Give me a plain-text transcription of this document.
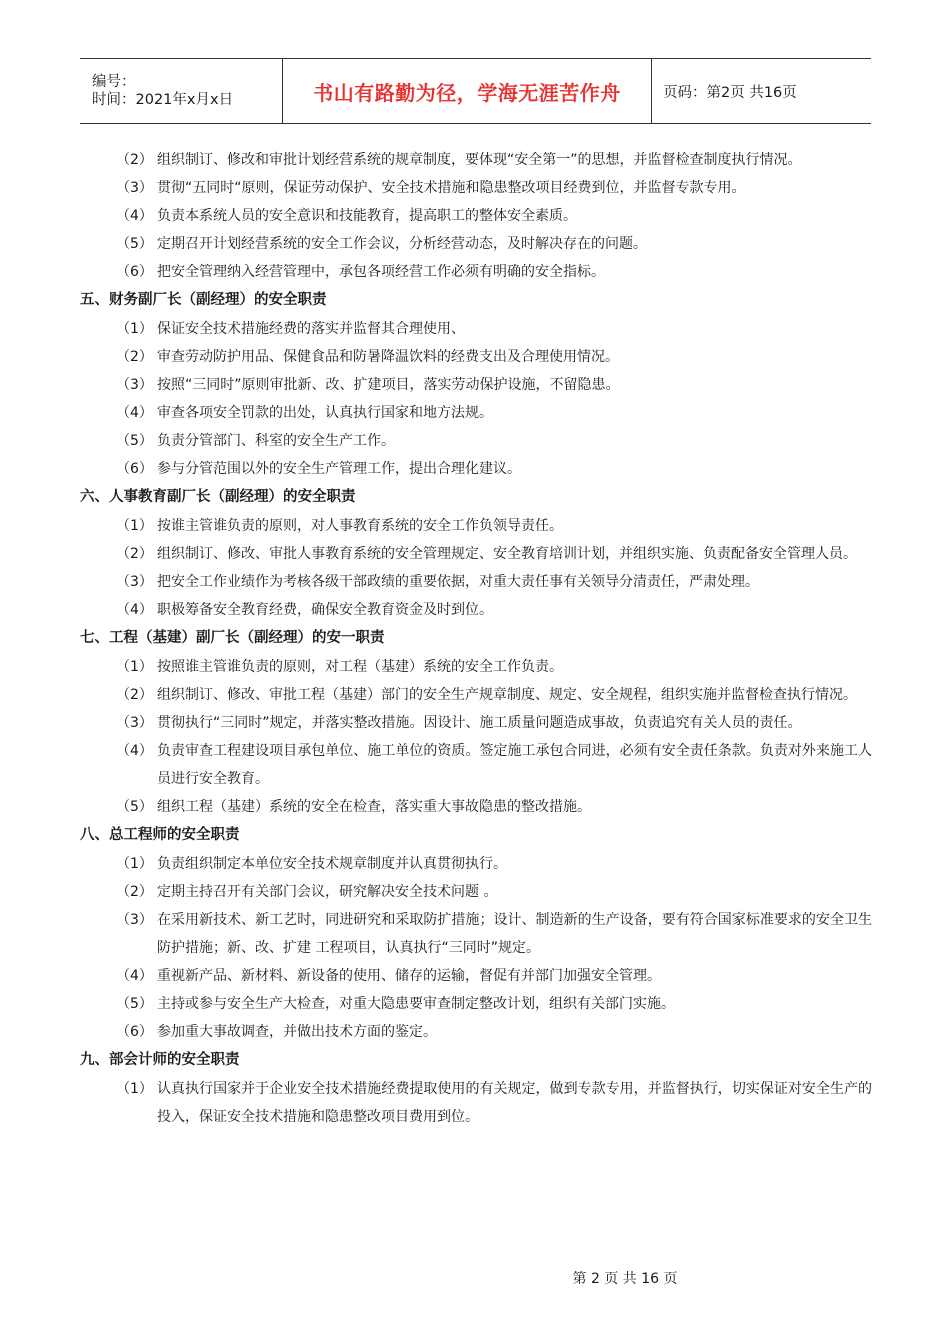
编号：
时间：2021年x月x日	书山有路勤为径，学海无涯苦作舟	页码：第2页 共16页
（2） 组织制订、修改和审批计划经营系统的规章制度，要体现“安全第一”的思想，并监督检查制度执行情况。
（3） 贯彻“五同时“原则，保证劳动保护、安全技术措施和隐患整改项目经费到位，并监督专款专用。
（4） 负责本系统人员的安全意识和技能教育，提高职工的整体安全素质。
（5） 定期召开计划经营系统的安全工作会议，分析经营动态，及时解决存在的问题。
（6） 把安全管理纳入经营管理中，承包各项经营工作必须有明确的安全指标。
五、财务副厂长（副经理）的安全职责
（1） 保证安全技术措施经费的落实并监督其合理使用、
（2） 审查劳动防护用品、保健食品和防暑降温饮料的经费支出及合理使用情况。
（3） 按照“三同时”原则审批新、改、扩建项目，落实劳动保护设施，不留隐患。
（4） 审查各项安全罚款的出处，认真执行国家和地方法规。
（5） 负责分管部门、科室的安全生产工作。
（6） 参与分管范围以外的安全生产管理工作，提出合理化建议。
六、人事教育副厂长（副经理）的安全职责
（1） 按谁主管谁负责的原则，对人事教育系统的安全工作负领导责任。
（2） 组织制订、修改、审批人事教育系统的安全管理规定、安全教育培训计划，并组织实施、负责配备安全管理人员。
（3） 把安全工作业绩作为考核各级干部政绩的重要依据，对重大责任事有关领导分清责任，严肃处理。
（4） 职极筹备安全教育经费，确保安全教育资金及时到位。
七、工程（基建）副厂长（副经理）的安一职责
（1） 按照谁主管谁负责的原则，对工程（基建）系统的安全工作负责。
（2） 组织制订、修改、审批工程（基建）部门的安全生产规章制度、规定、安全规程，组织实施并监督检查执行情况。
（3） 贯彻执行“三同时”规定，并落实整改措施。因设计、施工质量问题造成事故，负责追究有关人员的责任。
（4） 负责审查工程建设项目承包单位、施工单位的资质。签定施工承包合同进，必须有安全责任条款。负责对外来施工人员进行安全教育。
（5） 组织工程（基建）系统的安全在检查，落实重大事故隐患的整改措施。
八、总工程师的安全职责
（1） 负责组织制定本单位安全技术规章制度并认真贯彻执行。
（2） 定期主持召开有关部门会议，研究解决安全技术问题 。
（3） 在采用新技术、新工艺时，同进研究和采取防扩措施；设计、制造新的生产设备，要有符合国家标准要求的安全卫生防护措施；新、改、扩建 工程项目，认真执行“三同时”规定。
（4） 重视新产品、新材料、新设备的使用、储存的运输，督促有并部门加强安全管理。
（5） 主持或参与安全生产大检查，对重大隐患要审查制定整改计划，组织有关部门实施。
（6） 参加重大事故调查，并做出技术方面的鉴定。
九、部会计师的安全职责
（1） 认真执行国家并于企业安全技术措施经费提取使用的有关规定，做到专款专用，并监督执行，切实保证对安全生产的投入，保证安全技术措施和隐患整改项目费用到位。
第 2 页 共 16 页
